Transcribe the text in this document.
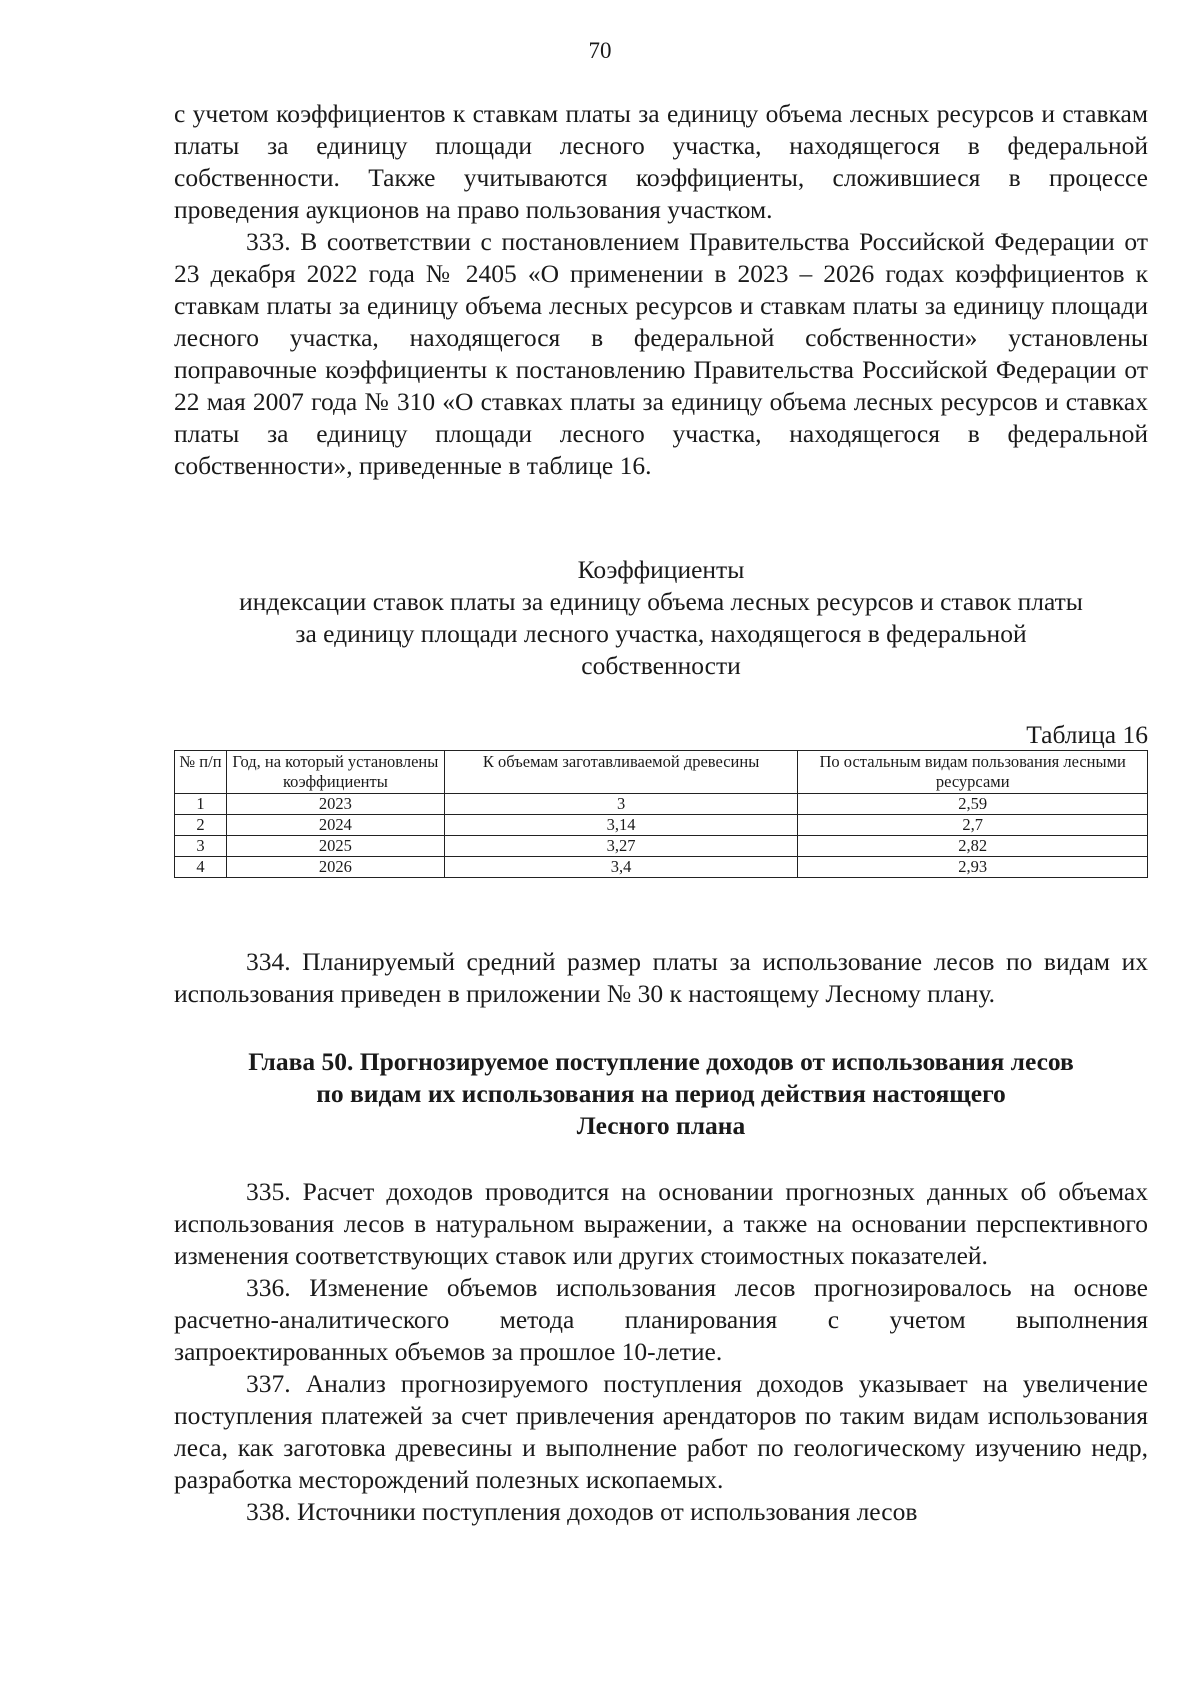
70

с учетом коэффициентов к ставкам платы за единицу объема лесных ресурсов и ставкам платы за единицу площади лесного участка, находящегося в федеральной собственности. Также учитываются коэффициенты, сложившиеся в процессе проведения аукционов на право пользования участком.

333. В соответствии с постановлением Правительства Российской Федерации от 23 декабря 2022 года № 2405 «О применении в 2023 – 2026 годах коэффициентов к ставкам платы за единицу объема лесных ресурсов и ставкам платы за единицу площади лесного участка, находящегося в федеральной собственности» установлены поправочные коэффициенты к постановлению Правительства Российской Федерации от 22 мая 2007 года № 310 «О ставках платы за единицу объема лесных ресурсов и ставках платы за единицу площади лесного участка, находящегося в федеральной собственности», приведенные в таблице 16.

Коэффициенты

индексации ставок платы за единицу объема лесных ресурсов и ставок платы

за единицу площади лесного участка, находящегося в федеральной

собственности

Таблица 16
№ п/п	Год, на который установлены коэффициенты	К объемам заготавливаемой древесины	По остальным видам пользования лесными ресурсами
1	2023	3	2,59
2	2024	3,14	2,7
3	2025	3,27	2,82
4	2026	3,4	2,93

334. Планируемый средний размер платы за использование лесов по видам их использования приведен в приложении № 30 к настоящему Лесному плану.

Глава 50. Прогнозируемое поступление доходов от использования лесов

по видам их использования на период действия настоящего

Лесного плана

335. Расчет доходов проводится на основании прогнозных данных об объемах использования лесов в натуральном выражении, а также на основании перспективного изменения соответствующих ставок или других стоимостных показателей.

336. Изменение объемов использования лесов прогнозировалось на основе расчетно-аналитического метода планирования с учетом выполнения запроектированных объемов за прошлое 10-летие.

337. Анализ прогнозируемого поступления доходов указывает на увеличение поступления платежей за счет привлечения арендаторов по таким видам использования леса, как заготовка древесины и выполнение работ по геологическому изучению недр, разработка месторождений полезных ископаемых.

338. Источники поступления доходов от использования лесов
